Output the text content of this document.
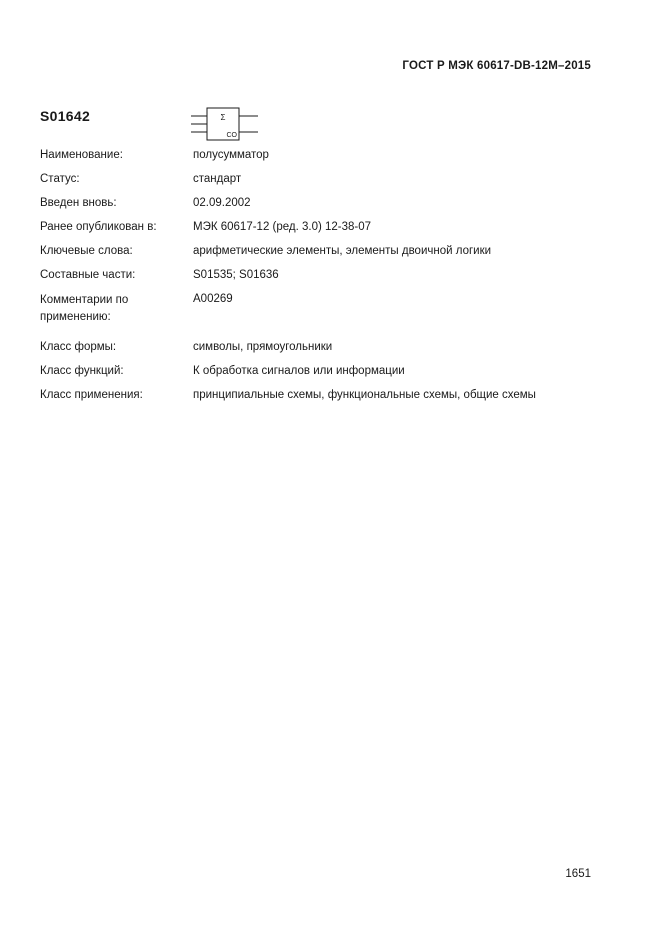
ГОСТ Р МЭК 60617-DB-12M–2015
S01642	Σ
CO
Наименование:	полусумматор
Статус:	стандарт
Введен вновь:	02.09.2002
Ранее опубликован в:	МЭК 60617-12 (ред. 3.0) 12-38-07
Ключевые слова:	арифметические элементы, элементы двоичной логики
Составные части:	S01535; S01636
Комментарии по применению:
A00269
Класс формы:	символы, прямоугольники
Класс функций:	К обработка сигналов или информации
Класс применения:	принципиальные схемы, функциональные схемы, общие схемы
1651
